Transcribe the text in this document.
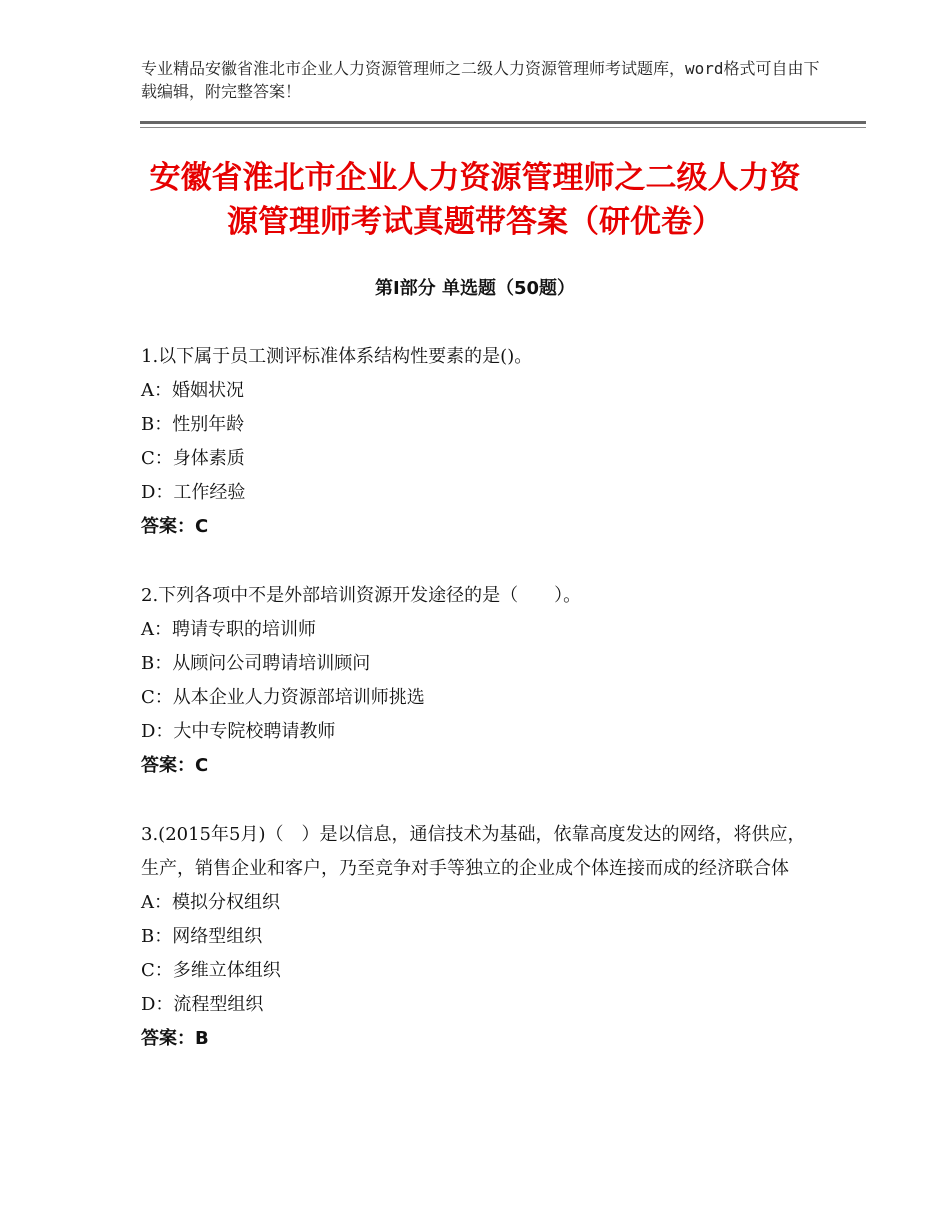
专业精品安徽省淮北市企业人力资源管理师之二级人力资源管理师考试题库，word格式可自由下载编辑，附完整答案！
安徽省淮北市企业人力资源管理师之二级人力资源管理师考试真题带答案（研优卷）
第Ⅰ部分 单选题（50题）
1.以下属于员工测评标准体系结构性要素的是()。
A：婚姻状况
B：性别年龄
C：身体素质
D：工作经验
答案：C
2.下列各项中不是外部培训资源开发途径的是（　　）。
A：聘请专职的培训师
B：从顾问公司聘请培训顾问
C：从本企业人力资源部培训师挑选
D：大中专院校聘请教师
答案：C
3.(2015年5月)（　）是以信息，通信技术为基础，依靠高度发达的网络，将供应，生产，销售企业和客户，乃至竞争对手等独立的企业成个体连接而成的经济联合体
A：模拟分权组织
B：网络型组织
C：多维立体组织
D：流程型组织
答案：B
